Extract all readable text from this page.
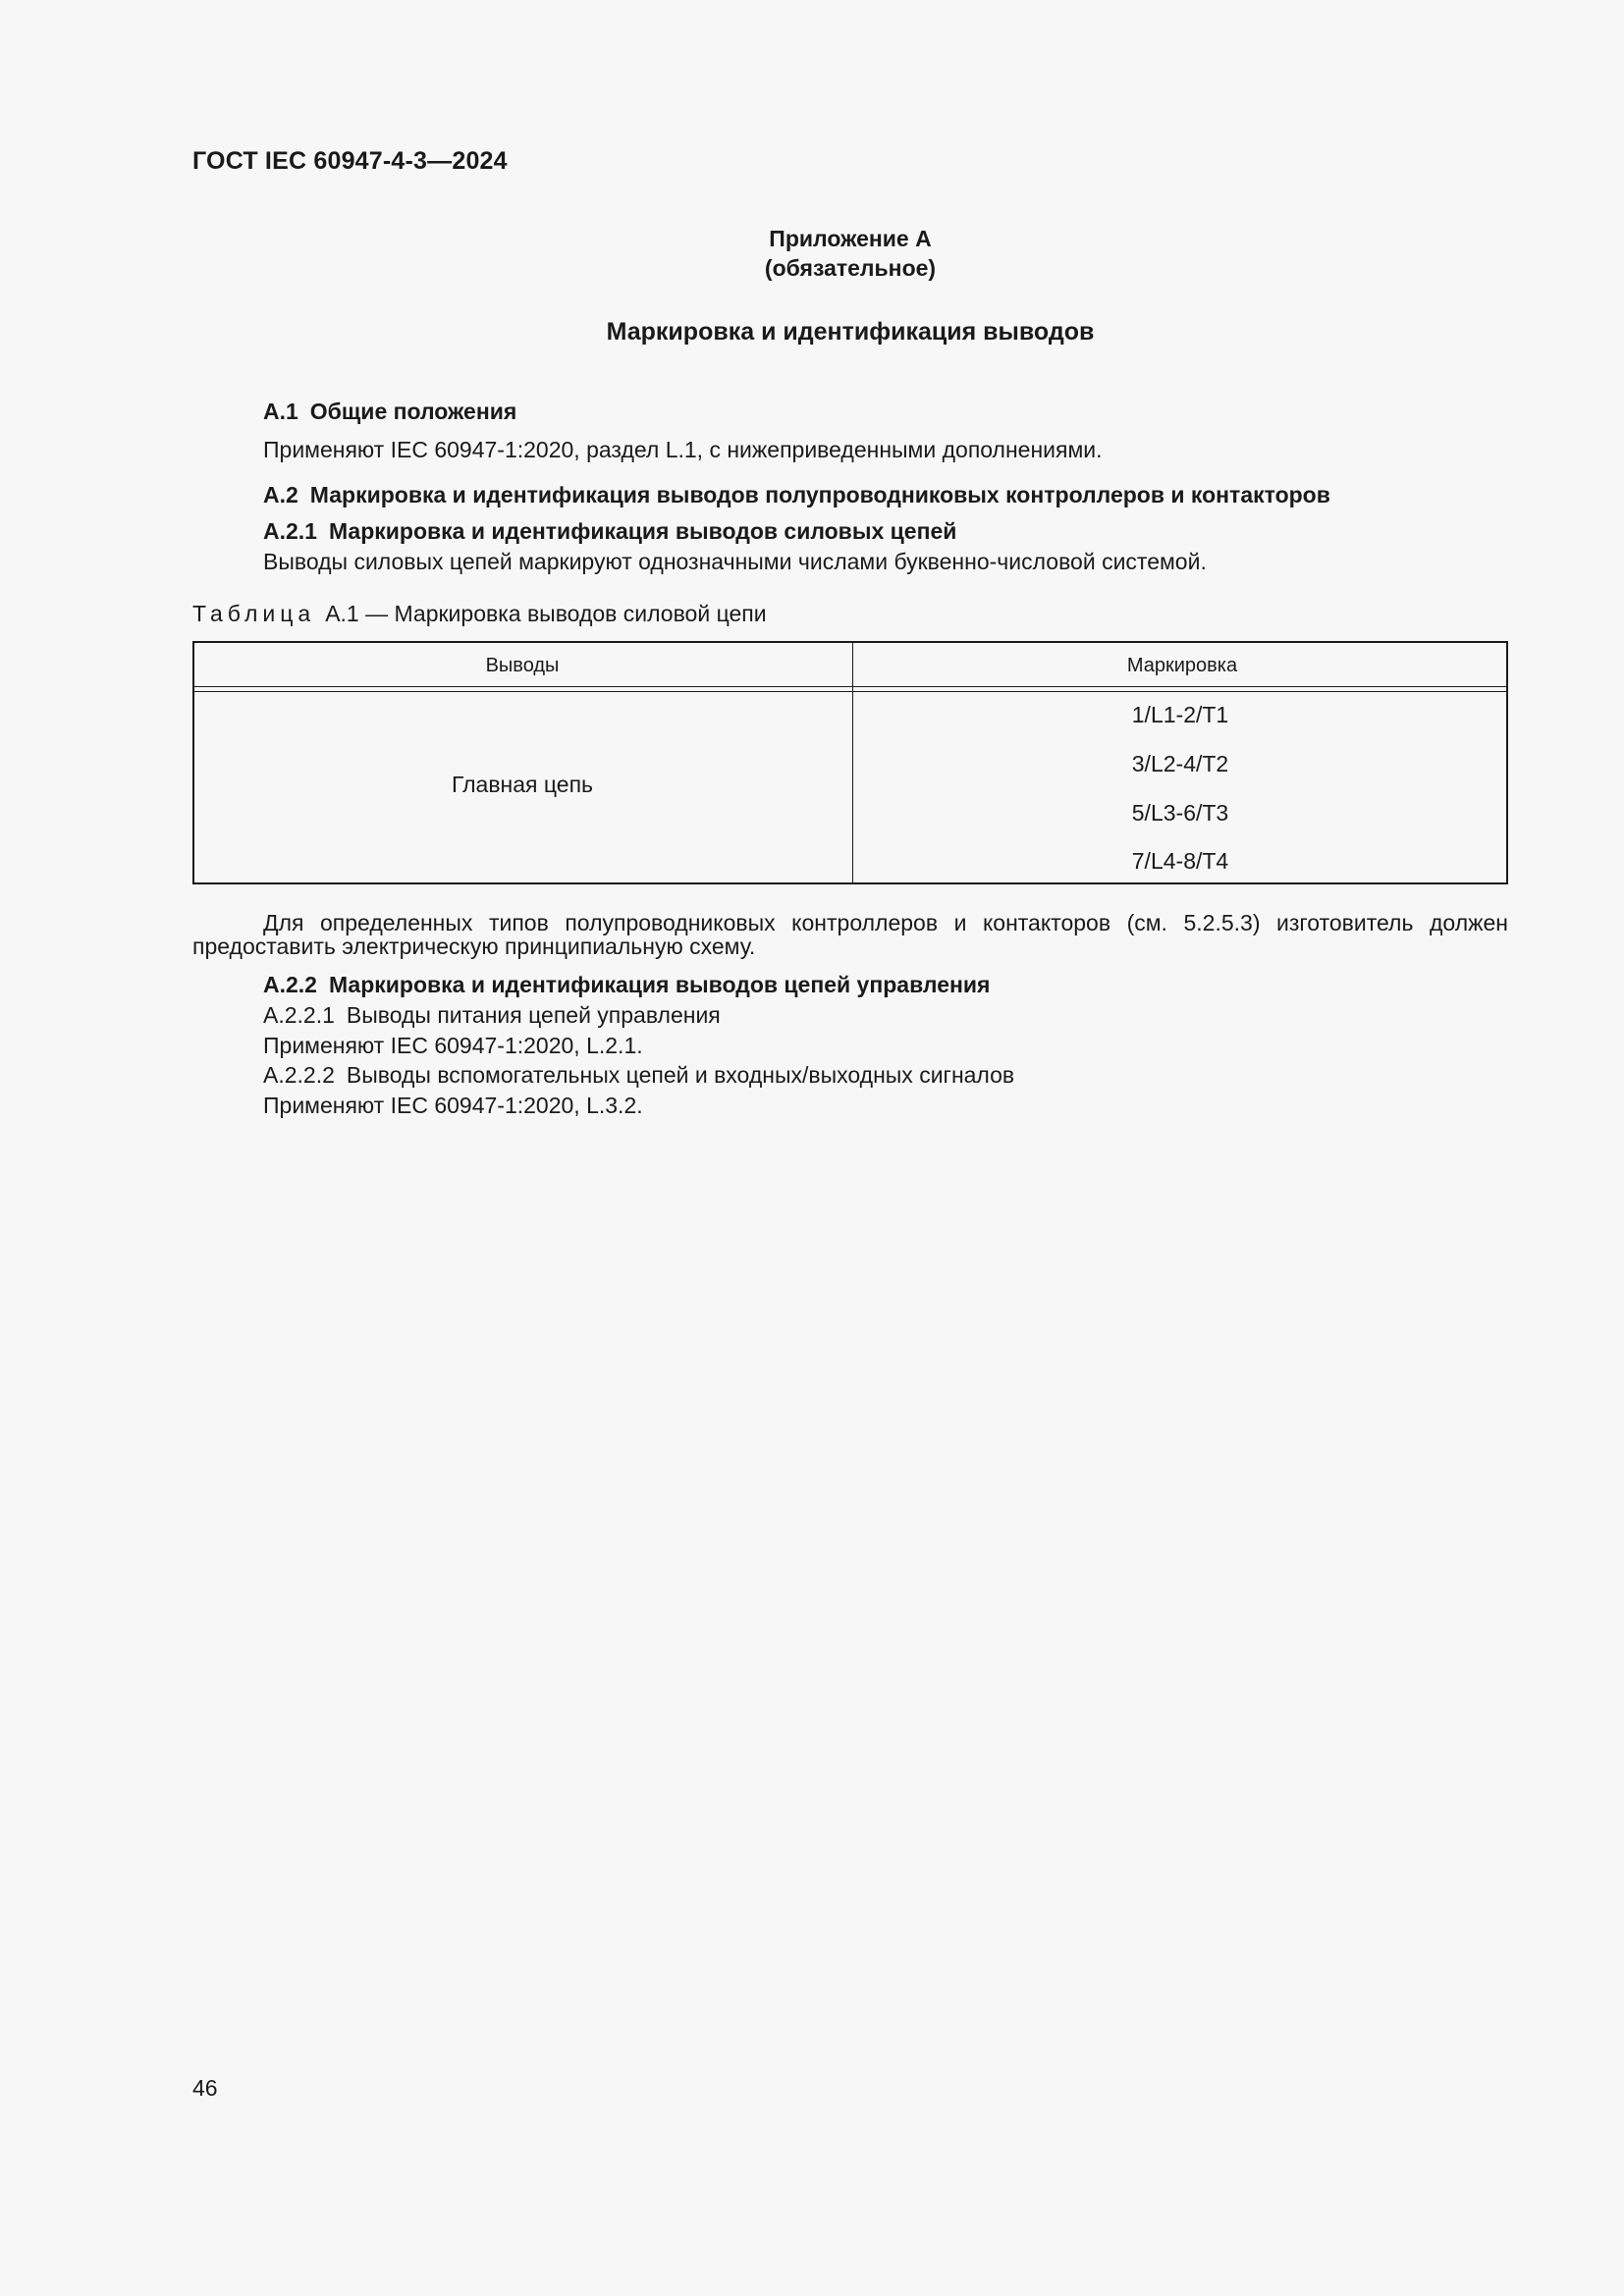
ГОСТ IEC 60947-4-3—2024
Приложение А
(обязательное)
Маркировка и идентификация выводов
А.1 Общие положения
Применяют IEC 60947-1:2020, раздел L.1, с нижеприведенными дополнениями.
А.2 Маркировка и идентификация выводов полупроводниковых контроллеров и контакторов
А.2.1 Маркировка и идентификация выводов силовых цепей
Выводы силовых цепей маркируют однозначными числами буквенно-числовой системой.
Таблица А.1 — Маркировка выводов силовой цепи
Выводы	Маркировка
Главная цепь
1/L1-2/T1
3/L2-4/T2
5/L3-6/T3
7/L4-8/T4
Для определенных типов полупроводниковых контроллеров и контакторов (см. 5.2.5.3) изготовитель должен предоставить электрическую принципиальную схему.
А.2.2 Маркировка и идентификация выводов цепей управления
А.2.2.1 Выводы питания цепей управления
Применяют IEC 60947-1:2020, L.2.1.
А.2.2.2 Выводы вспомогательных цепей и входных/выходных сигналов
Применяют IEC 60947-1:2020, L.3.2.
46
